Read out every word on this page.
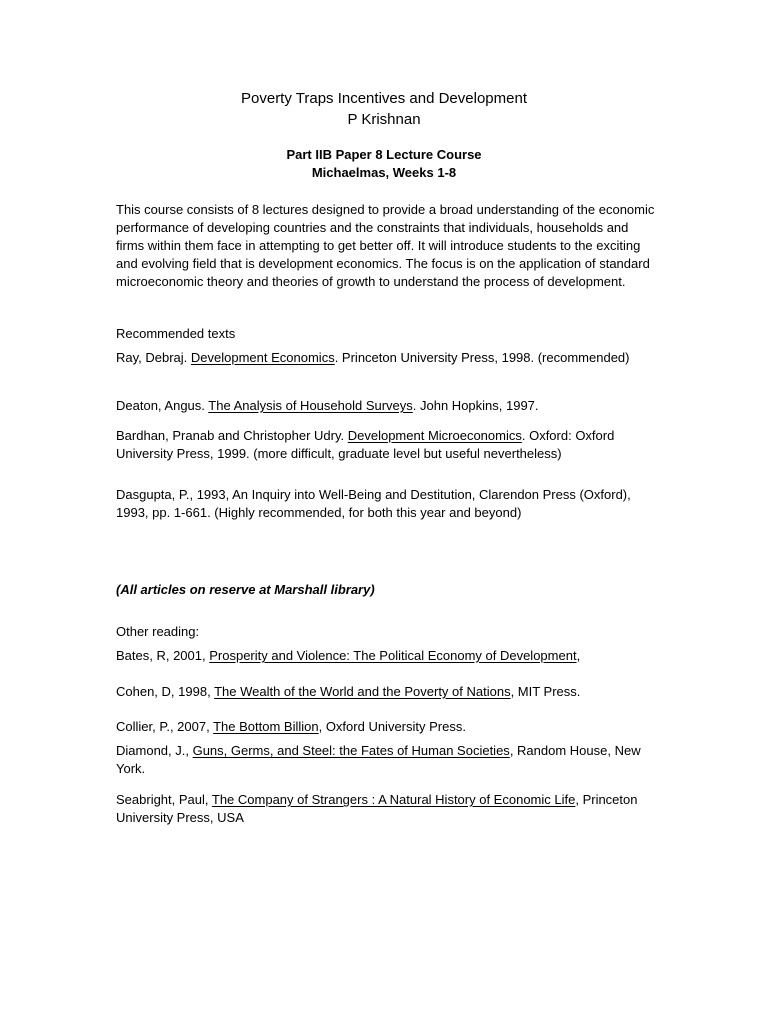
Poverty Traps Incentives and Development
P Krishnan
Part IIB Paper 8 Lecture Course
Michaelmas, Weeks 1-8

This course consists of 8 lectures designed to provide a broad understanding of the economic performance of developing countries and the constraints that individuals, households and firms within them face in attempting to get better off. It will introduce students to the exciting and evolving field that is development economics. The focus is on the application of standard microeconomic theory and theories of growth to understand the process of development.

Recommended texts
Ray, Debraj. Development Economics. Princeton University Press, 1998. (recommended)
Deaton, Angus. The Analysis of Household Surveys. John Hopkins, 1997.
Bardhan, Pranab and Christopher Udry. Development Microeconomics. Oxford: Oxford University Press, 1999. (more difficult, graduate level but useful nevertheless)
Dasgupta, P., 1993, An Inquiry into Well-Being and Destitution, Clarendon Press (Oxford), 1993, pp. 1-661. (Highly recommended, for both this year and beyond)
(All articles on reserve at Marshall library)
Other reading:
Bates, R, 2001, Prosperity and Violence: The Political Economy of Development,
Cohen, D, 1998, The Wealth of the World and the Poverty of Nations, MIT Press.
Collier, P., 2007, The Bottom Billion, Oxford University Press.
Diamond, J., Guns, Germs, and Steel: the Fates of Human Societies, Random House, New York.
Seabright, Paul, The Company of Strangers : A Natural History of Economic Life, Princeton University Press, USA
